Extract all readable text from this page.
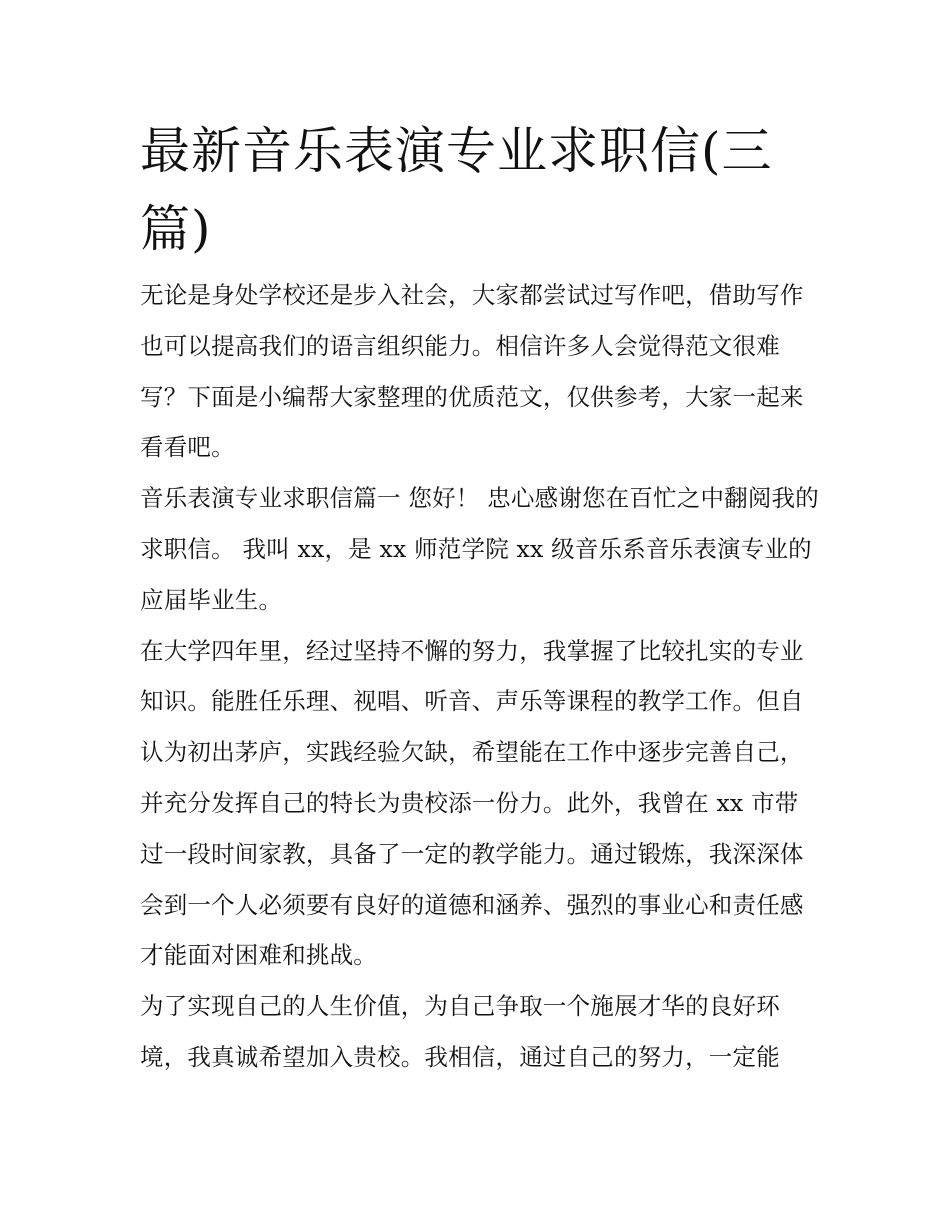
最新音乐表演专业求职信(三篇)

无论是身处学校还是步入社会，大家都尝试过写作吧，借助写作也可以提高我们的语言组织能力。相信许多人会觉得范文很难写？下面是小编帮大家整理的优质范文，仅供参考，大家一起来看看吧。

音乐表演专业求职信篇一 您好！ 忠心感谢您在百忙之中翻阅我的求职信。 我叫 xx，是 xx 师范学院 xx 级音乐系音乐表演专业的应届毕业生。

在大学四年里，经过坚持不懈的努力，我掌握了比较扎实的专业知识。能胜任乐理、视唱、听音、声乐等课程的教学工作。但自认为初出茅庐，实践经验欠缺，希望能在工作中逐步完善自己，并充分发挥自己的特长为贵校添一份力。此外，我曾在 xx 市带过一段时间家教，具备了一定的教学能力。通过锻炼，我深深体会到一个人必须要有良好的道德和涵养、强烈的事业心和责任感才能面对困难和挑战。

为了实现自己的人生价值，为自己争取一个施展才华的良好环境，我真诚希望加入贵校。我相信，通过自己的努力，一定能
